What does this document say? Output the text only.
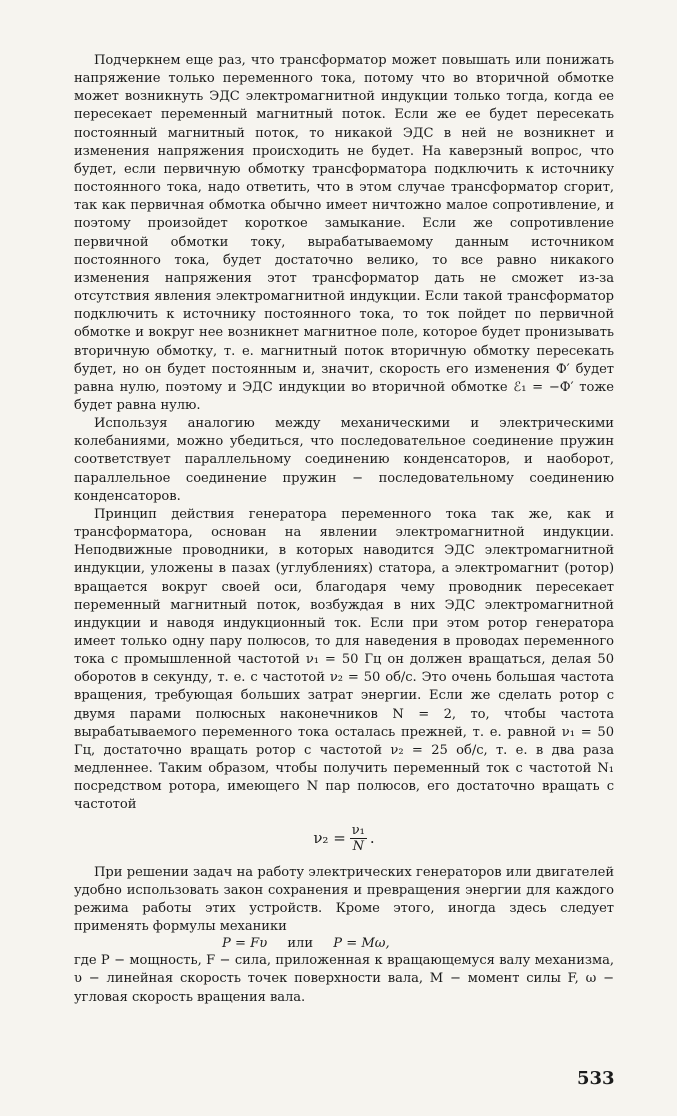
Подчеркнем еще раз, что трансформатор может повышать или понижать напряжение только переменного тока, потому что во вторичной обмотке может возникнуть ЭДС электромагнитной индукции только тогда, когда ее пересекает переменный магнитный поток. Если же ее будет пересекать постоянный магнитный поток, то никакой ЭДС в ней не возникнет и изменения напряжения происходить не будет. На каверзный вопрос, что будет, если первичную обмотку трансформатора подключить к источнику постоянного тока, надо ответить, что в этом случае трансформатор сгорит, так как первичная обмотка обычно имеет ничтожно малое сопротивление, и поэтому произойдет короткое замыкание. Если же сопротивление первичной обмотки току, вырабатываемому данным источником постоянного тока, будет достаточно велико, то все равно никакого изменения напряжения этот трансформатор дать не сможет из-за отсутствия явления электромагнитной индукции. Если такой трансформатор подключить к источнику постоянного тока, то ток пойдет по первичной обмотке и вокруг нее возникнет магнитное поле, которое будет пронизывать вторичную обмотку, т. е. магнитный поток вторичную обмотку пересекать будет, но он будет постоянным и, значит, скорость его изменения Ф′ будет равна нулю, поэтому и ЭДС индукции во вторичной обмотке ℰ₁ = −Ф′ тоже будет равна нулю.

Используя аналогию между механическими и электрическими колебаниями, можно убедиться, что последовательное соединение пружин соответствует параллельному соединению конденсаторов, и наоборот, параллельное соединение пружин − последовательному соединению конденсаторов.

Принцип действия генератора переменного тока так же, как и трансформатора, основан на явлении электромагнитной индукции. Неподвижные проводники, в которых наводится ЭДС электромагнитной индукции, уложены в пазах (углублениях) статора, а электромагнит (ротор) вращается вокруг своей оси, благодаря чему проводник пересекает переменный магнитный поток, возбуждая в них ЭДС электромагнитной индукции и наводя индукционный ток. Если при этом ротор генератора имеет только одну пару полюсов, то для наведения в проводах переменного тока с промышленной частотой ν₁ = 50 Гц он должен вращаться, делая 50 оборотов в секунду, т. е. с частотой ν₂ = 50 об/с. Это очень большая частота вращения, требующая больших затрат энергии. Если же сделать ротор с двумя парами полюсных наконечников N = 2, то, чтобы частота вырабатываемого переменного тока осталась прежней, т. е. равной ν₁ = 50 Гц, достаточно вращать ротор с частотой ν₂ = 25 об/с, т. е. в два раза медленнее. Таким образом, чтобы получить переменный ток с частотой N₁ посредством ротора, имеющего N пар полюсов, его достаточно вращать с частотой

$\nu_2 = \frac{\text{ν₁}}{N}$ .

При решении задач на работу электрических генераторов или двигателей удобно использовать закон сохранения и превращения энергии для каждого режима работы этих устройств. Кроме этого, иногда здесь следует применять формулы механики

P = Fυ или P = Mω,

где P − мощность, F − сила, приложенная к вращающемуся валу механизма, υ − линейная скорость точек поверхности вала, M − момент силы F, ω − угловая скорость вращения вала.

533
